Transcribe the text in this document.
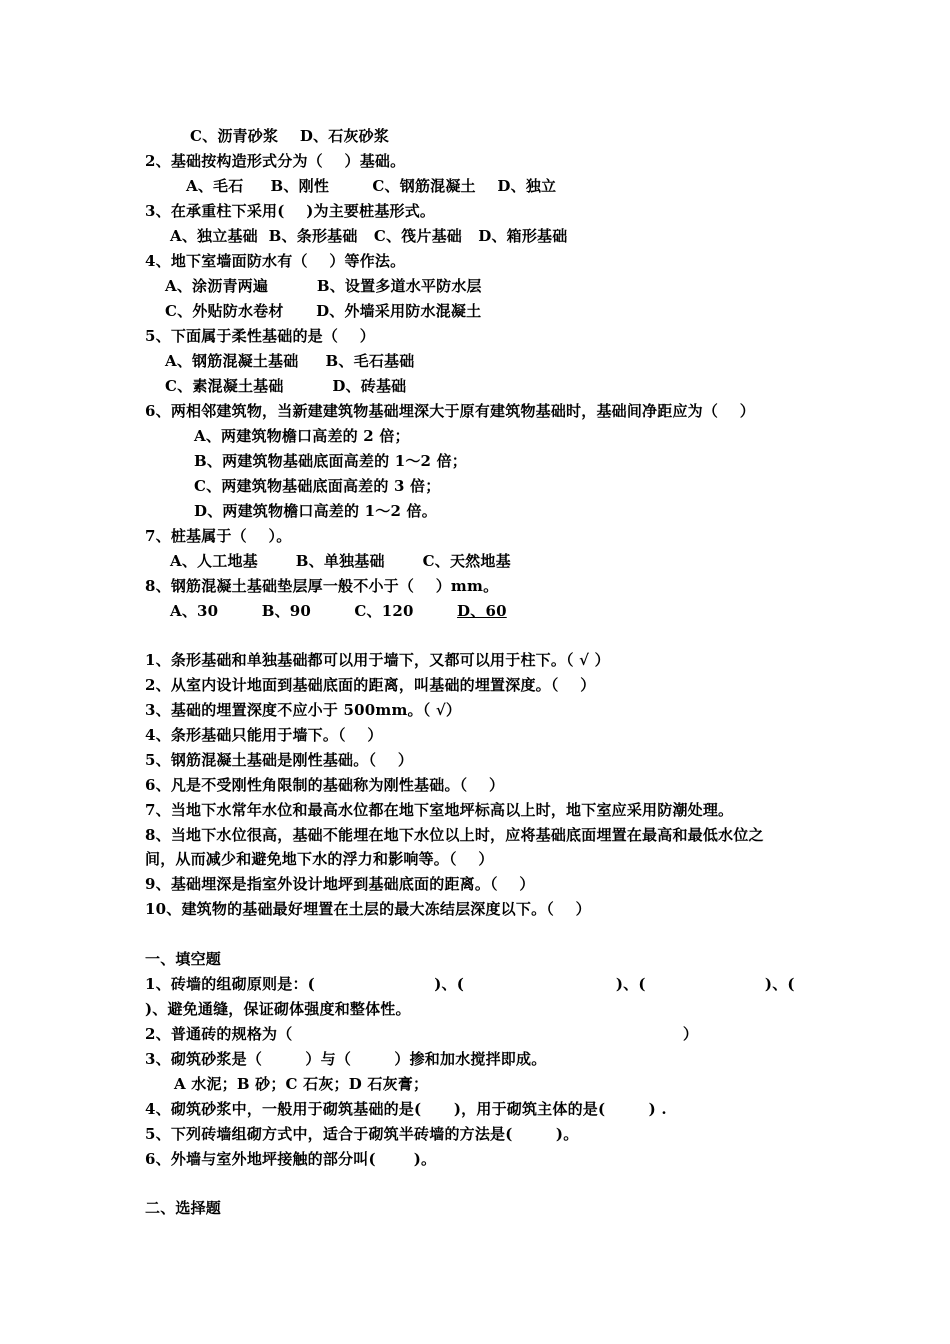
C、沥青砂浆    D、石灰砂浆
2、基础按构造形式分为（    ）基础。
A、毛石     B、刚性        C、钢筋混凝土    D、独立
3、在承重柱下采用(    )为主要桩基形式。
A、独立基础  B、条形基础   C、筏片基础   D、箱形基础
4、地下室墙面防水有（    ）等作法。
A、涂沥青两遍         B、设置多道水平防水层
C、外贴防水卷材      D、外墙采用防水混凝土
5、下面属于柔性基础的是（    ）
A、钢筋混凝土基础     B、毛石基础
C、素混凝土基础         D、砖基础
6、两相邻建筑物，当新建建筑物基础埋深大于原有建筑物基础时，基础间净距应为（    ）
A、两建筑物檐口高差的 2 倍；
B、两建筑物基础底面高差的 1～2 倍；
C、两建筑物基础底面高差的 3 倍；
D、两建筑物檐口高差的 1～2 倍。
7、桩基属于（    ）。
A、人工地基       B、单独基础       C、天然地基
8、钢筋混凝土基础垫层厚一般不小于（    ）mm。
A、30        B、90        C、120        D、60
1、条形基础和单独基础都可以用于墙下，又都可以用于柱下。（ √ ）
2、从室内设计地面到基础底面的距离，叫基础的埋置深度。（    ）
3、基础的埋置深度不应小于 500mm。（ √）
4、条形基础只能用于墙下。（    ）
5、钢筋混凝土基础是刚性基础。（    ）
6、凡是不受刚性角限制的基础称为刚性基础。（    ）
7、当地下水常年水位和最高水位都在地下室地坪标高以上时，地下室应采用防潮处理。
8、当地下水位很高，基础不能埋在地下水位以上时，应将基础底面埋置在最高和最低水位之
间，从而减少和避免地下水的浮力和影响等。（    ）
9、基础埋深是指室外设计地坪到基础底面的距离。（    ）
10、建筑物的基础最好埋置在土层的最大冻结层深度以下。（    ）
一、填空题
1、砖墙的组砌原则是：(                      )、(                            )、(                      )、(
)、避免通缝，保证砌体强度和整体性。
2、普通砖的规格为（                                                                        ）
3、砌筑砂浆是（        ）与（        ）掺和加水搅拌即成。
A 水泥；B 砂；C 石灰；D 石灰膏；
4、砌筑砂浆中，一般用于砌筑基础的是(      )，用于砌筑主体的是(        ) .
5、下列砖墙组砌方式中，适合于砌筑半砖墙的方法是(        )。
6、外墙与室外地坪接触的部分叫(       )。
二、选择题
